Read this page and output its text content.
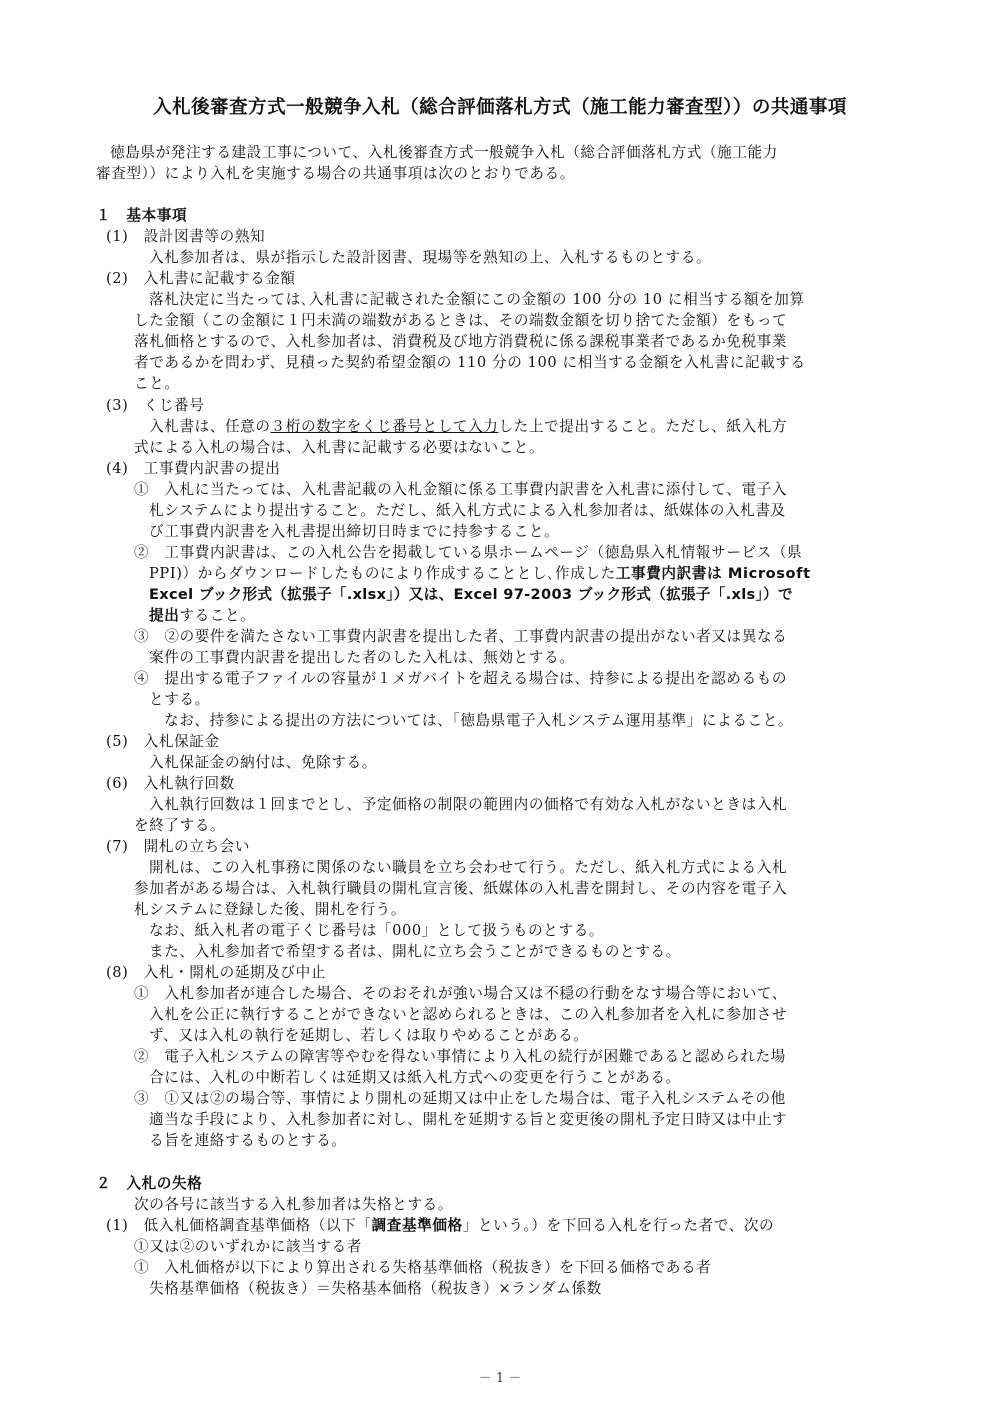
入札後審査方式一般競争入札（総合評価落札方式（施工能力審査型））の共通事項
徳島県が発注する建設工事について、入札後審査方式一般競争入札（総合評価落札方式（施工能力
審査型））により入札を実施する場合の共通事項は次のとおりである。
１　基本事項
(1)　設計図書等の熟知
入札参加者は、県が指示した設計図書、現場等を熟知の上、入札するものとする。
(2)　入札書に記載する金額
落札決定に当たっては､入札書に記載された金額にこの金額の 100 分の 10 に相当する額を加算
した金額（この金額に１円未満の端数があるときは、その端数金額を切り捨てた金額）をもって
落札価格とするので、入札参加者は、消費税及び地方消費税に係る課税事業者であるか免税事業
者であるかを問わず、見積った契約希望金額の 110 分の 100 に相当する金額を入札書に記載する
こと。
(3)　くじ番号
入札書は、任意の３桁の数字をくじ番号として入力した上で提出すること。ただし、紙入札方
式による入札の場合は、入札書に記載する必要はないこと。
(4)　工事費内訳書の提出
①　入札に当たっては、入札書記載の入札金額に係る工事費内訳書を入札書に添付して、電子入
札システムにより提出すること。ただし、紙入札方式による入札参加者は、紙媒体の入札書及
び工事費内訳書を入札書提出締切日時までに持参すること。
②　工事費内訳書は、この入札公告を掲載している県ホームページ（徳島県入札情報サービス（県
PPI)）からダウンロードしたものにより作成することとし､作成した工事費内訳書は Microsoft
Excel ブック形式（拡張子「.xlsx」）又は、Excel 97-2003 ブック形式（拡張子「.xls」）で
提出すること。
③　②の要件を満たさない工事費内訳書を提出した者、工事費内訳書の提出がない者又は異なる
案件の工事費内訳書を提出した者のした入札は、無効とする。
④　提出する電子ファイルの容量が１メガバイトを超える場合は、持参による提出を認めるもの
とする。
なお、持参による提出の方法については、「徳島県電子入札システム運用基準」によること。
(5)　入札保証金
入札保証金の納付は、免除する。
(6)　入札執行回数
入札執行回数は１回までとし、予定価格の制限の範囲内の価格で有効な入札がないときは入札
を終了する。
(7)　開札の立ち会い
開札は、この入札事務に関係のない職員を立ち会わせて行う。ただし、紙入札方式による入札
参加者がある場合は、入札執行職員の開札宣言後、紙媒体の入札書を開封し、その内容を電子入
札システムに登録した後、開札を行う。
なお、紙入札者の電子くじ番号は「000」として扱うものとする。
また、入札参加者で希望する者は、開札に立ち会うことができるものとする。
(8)　入札・開札の延期及び中止
①　入札参加者が連合した場合、そのおそれが強い場合又は不穏の行動をなす場合等において、
入札を公正に執行することができないと認められるときは、この入札参加者を入札に参加させ
ず、又は入札の執行を延期し、若しくは取りやめることがある。
②　電子入札システムの障害等やむを得ない事情により入札の続行が困難であると認められた場
合には、入札の中断若しくは延期又は紙入札方式への変更を行うことがある。
③　①又は②の場合等、事情により開札の延期又は中止をした場合は、電子入札システムその他
適当な手段により、入札参加者に対し、開札を延期する旨と変更後の開札予定日時又は中止す
る旨を連絡するものとする。
２　入札の失格
次の各号に該当する入札参加者は失格とする。
(1)　低入札価格調査基準価格（以下「調査基準価格」という。）を下回る入札を行った者で、次の
①又は②のいずれかに該当する者
①　入札価格が以下により算出される失格基準価格（税抜き）を下回る価格である者
失格基準価格（税抜き）＝失格基本価格（税抜き）×ランダム係数
－ 1 －
